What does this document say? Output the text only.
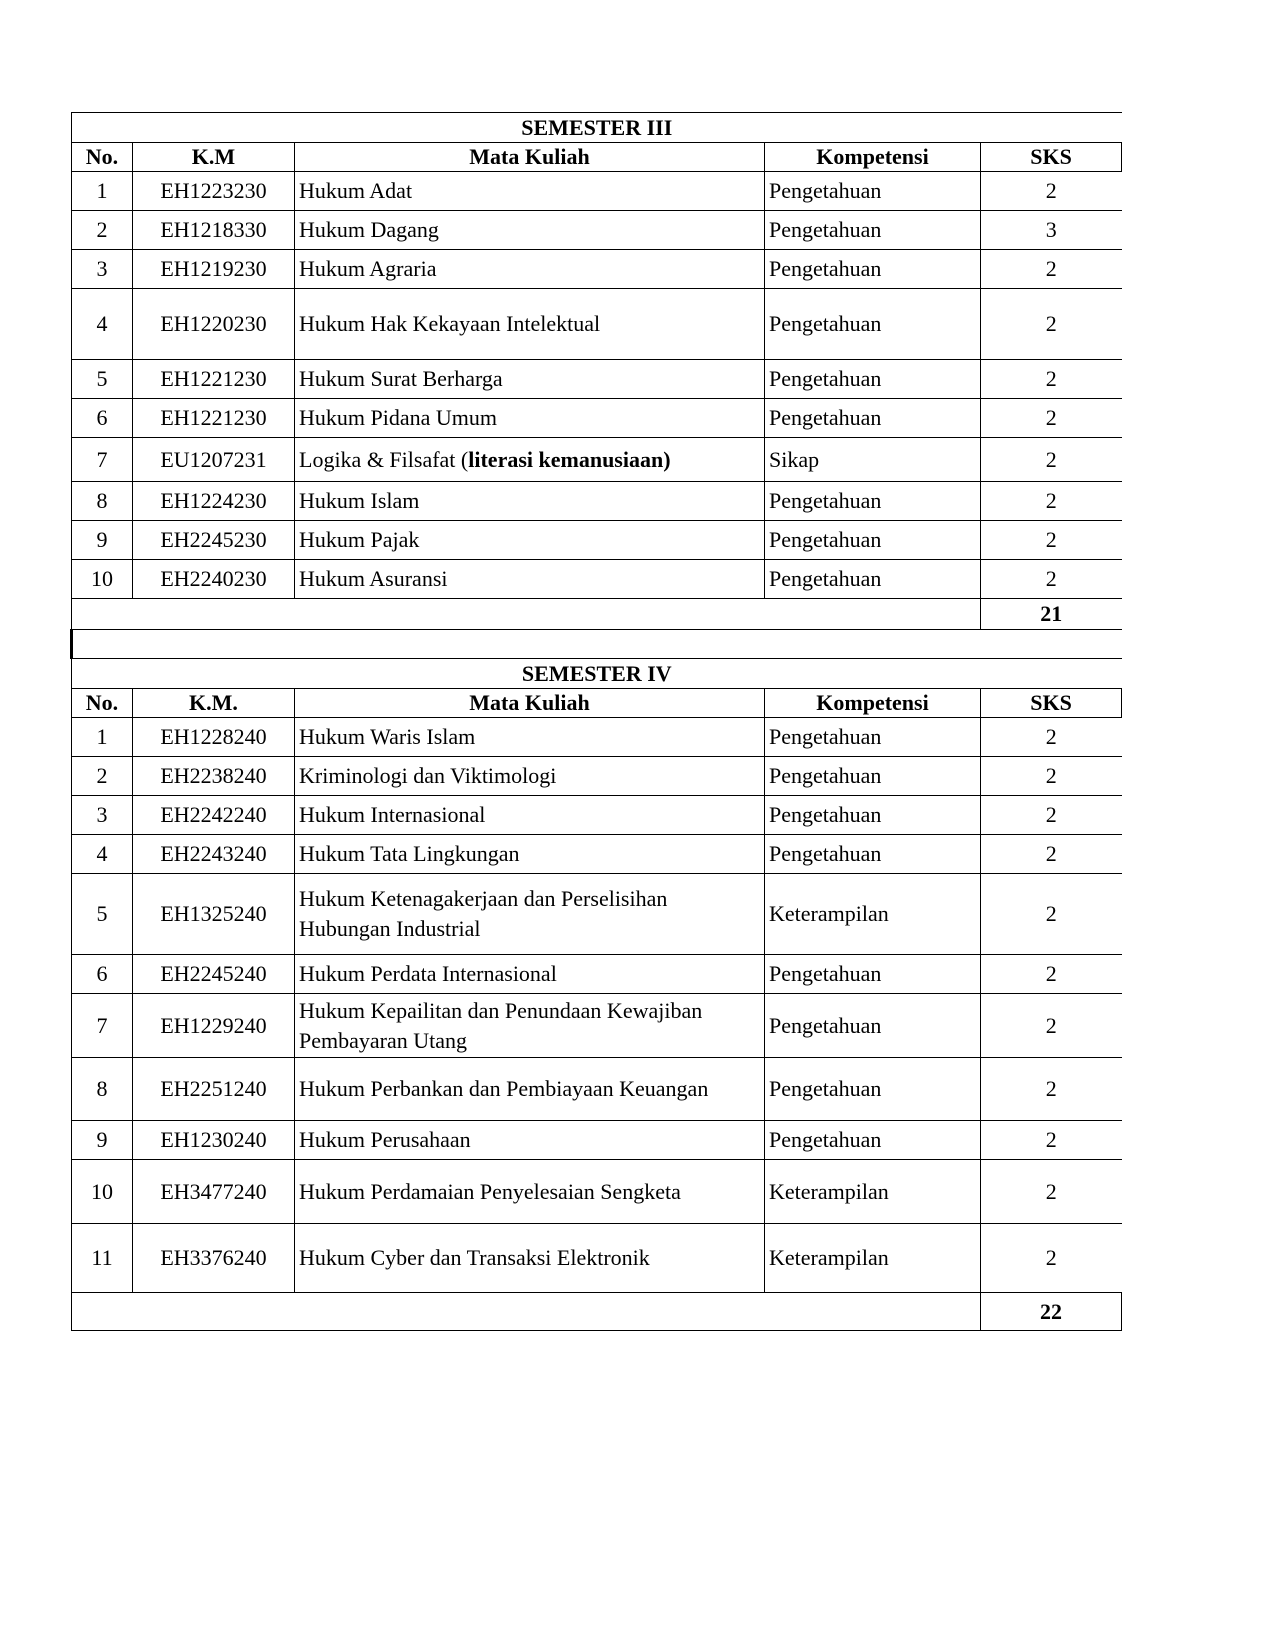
SEMESTER III				
No.	K.M	Mata Kuliah	Kompetensi	SKS
1	EH1223230	Hukum Adat	Pengetahuan	2
2	EH1218330	Hukum Dagang	Pengetahuan	3
3	EH1219230	Hukum Agraria	Pengetahuan	2
4	EH1220230	Hukum Hak Kekayaan Intelektual	Pengetahuan	2
5	EH1221230	Hukum Surat Berharga	Pengetahuan	2
6	EH1221230	Hukum Pidana Umum	Pengetahuan	2
7	EU1207231	Logika & Filsafat (literasi kemanusiaan)	Sikap	2
8	EH1224230	Hukum Islam	Pengetahuan	2
9	EH2245230	Hukum Pajak	Pengetahuan	2
10	EH2240230	Hukum Asuransi	Pengetahuan	2
				21

SEMESTER IV				
No.	K.M.	Mata Kuliah	Kompetensi	SKS
1	EH1228240	Hukum Waris Islam	Pengetahuan	2
2	EH2238240	Kriminologi dan Viktimologi	Pengetahuan	2
3	EH2242240	Hukum Internasional	Pengetahuan	2
4	EH2243240	Hukum Tata Lingkungan	Pengetahuan	2
5	EH1325240	Hukum Ketenagakerjaan dan Perselisihan Hubungan Industrial	Keterampilan	2
6	EH2245240	Hukum Perdata Internasional	Pengetahuan	2
7	EH1229240	Hukum Kepailitan dan Penundaan Kewajiban Pembayaran Utang	Pengetahuan	2
8	EH2251240	Hukum Perbankan dan Pembiayaan Keuangan	Pengetahuan	2
9	EH1230240	Hukum Perusahaan	Pengetahuan	2
10	EH3477240	Hukum Perdamaian Penyelesaian Sengketa	Keterampilan	2
11	EH3376240	Hukum Cyber dan Transaksi Elektronik	Keterampilan	2
				22
